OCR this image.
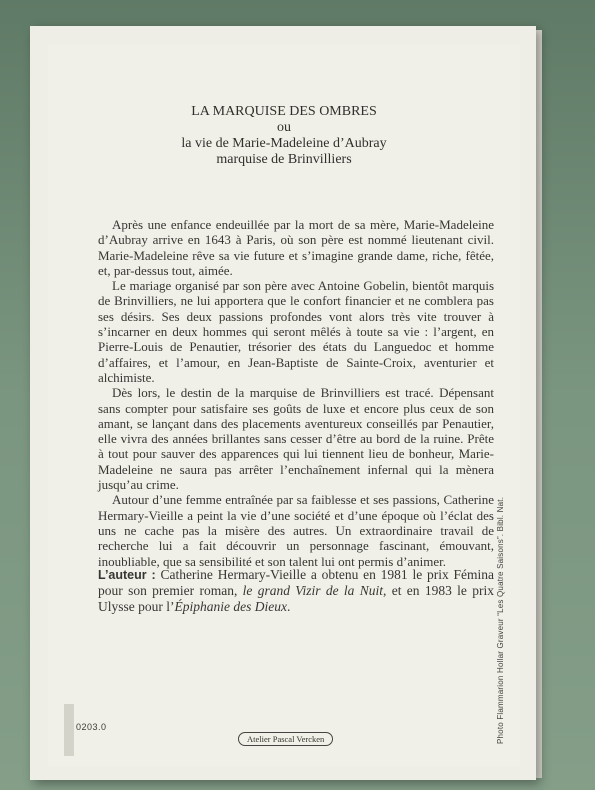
LA MARQUISE DES OMBRES
ou
la vie de Marie-Madeleine d’Aubray
marquise de Brinvilliers

Après une enfance endeuillée par la mort de sa mère, Marie-Madeleine d’Aubray arrive en 1643 à Paris, où son père est nommé lieutenant civil. Marie-Madeleine rêve sa vie future et s’imagine grande dame, riche, fêtée, et, par-dessus tout, aimée.

Le mariage organisé par son père avec Antoine Gobelin, bientôt marquis de Brinvilliers, ne lui apportera que le confort financier et ne comblera pas ses désirs. Ses deux passions profondes vont alors très vite trouver à s’incarner en deux hommes qui seront mêlés à toute sa vie : l’argent, en Pierre-Louis de Penautier, trésorier des états du Languedoc et homme d’affaires, et l’amour, en Jean-Baptiste de Sainte-Croix, aventurier et alchimiste.

Dès lors, le destin de la marquise de Brinvilliers est tracé. Dépensant sans compter pour satisfaire ses goûts de luxe et encore plus ceux de son amant, se lançant dans des placements aventureux conseillés par Penautier, elle vivra des années brillantes sans cesser d’être au bord de la ruine. Prête à tout pour sauver des apparences qui lui tiennent lieu de bonheur, Marie-Madeleine ne saura pas arrêter l’enchaînement infernal qui la mènera jusqu’au crime.

Autour d’une femme entraînée par sa faiblesse et ses passions, Catherine Hermary-Vieille a peint la vie d’une société et d’une époque où l’éclat des uns ne cache pas la misère des autres. Un extraordinaire travail de recherche lui a fait découvrir un personnage fascinant, émouvant, inoubliable, que sa sensibilité et son talent lui ont permis d’animer.

L’auteur : Catherine Hermary-Vieille a obtenu en 1981 le prix Fémina pour son premier roman, le grand Vizir de la Nuit, et en 1983 le prix Ulysse pour l’Épiphanie des Dieux.
0203.0
Atelier Pascal Vercken	Photo Flammarion Hollar Graveur “Les Quatre Saisons”. Bibl. Nat.
